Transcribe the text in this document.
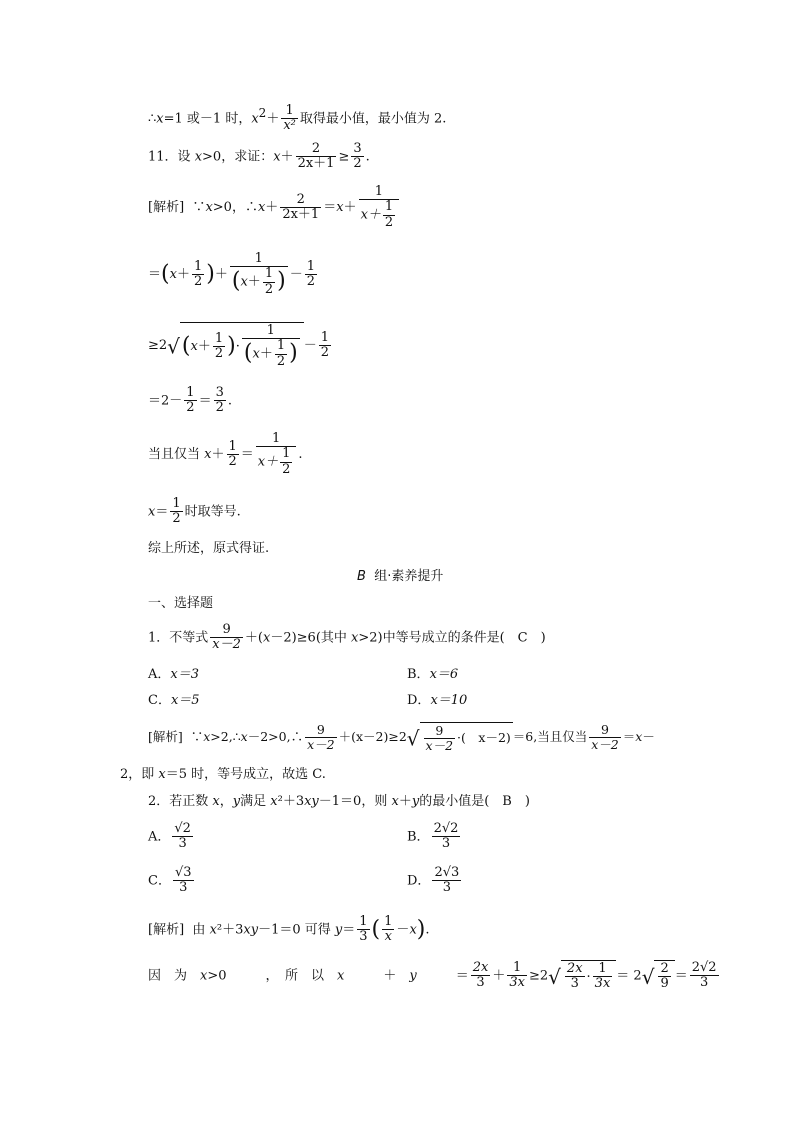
∴x=1 或－1 时，$x^2+ \frac{1}{\text{x²}}$ 取得最小值，最小值为 2.
11．设 x>0，求证：$x+ \frac{2}{2x+1} \ge \frac{3}{2}$ .
[解析] ∵x>0，∴x＋ $\frac{2}{2x+1} =x+ \frac{1}{x+ \frac{1}{2}}$
$=(x+ \frac{1}{2}$ )＋ $\frac{1}{(x+ \frac{1}{2} )} - \frac{1}{2}$
$\ge 2√(x+ \frac{1}{2}$ )· $\frac{1}{(x+ \frac{1}{2} )} - \frac{1}{2}$
$=2- \frac{1}{2} = \frac{3}{2}$ .
当且仅当 $x+ \frac{1}{2} = \frac{1}{x+ \frac{1}{2}}$ .
$x= \frac{1}{2}$ 时取等号.
综上所述，原式得证.
B 组·素养提升
一、选择题
1．不等式 $\frac{9}{x-2} +(x-2)\ge 6$(其中 x>2)中等号成立的条件是(　C　)
A．x＝3	B．x＝6
C．x＝5	D．x＝10
[解析] ∵x>2,∴x－2>0,∴ $\frac{9}{x-2} +(x-2)\ge 2√ \frac{9}{x-2}$ ·(　x－2) ＝6,当且仅当 $\frac{9}{x-2} =x-$
2，即 x＝5 时，等号成立，故选 C.
2．若正数 x，y满足 x²＋3xy－1＝0，则 x＋y的最小值是(　B　)
A． $\frac{√2}{3}$	B． $\frac{2√2}{3}$
C． $\frac{√3}{3}$	D． $\frac{2√3}{3}$
[解析] 由 x²＋3xy－1＝0 可得 $y= \frac{1}{3}$ ( $\frac{1}{x} -x$).
因　为　x>0　　　，　所　以　x　　　＋　y　　　＝ $\frac{2x}{3} + \frac{1}{3x} \ge 2√ \frac{2x}{3} \cdot \frac{1}{3x} = 2√ \frac{2}{9} = \frac{2√2}{3}$
